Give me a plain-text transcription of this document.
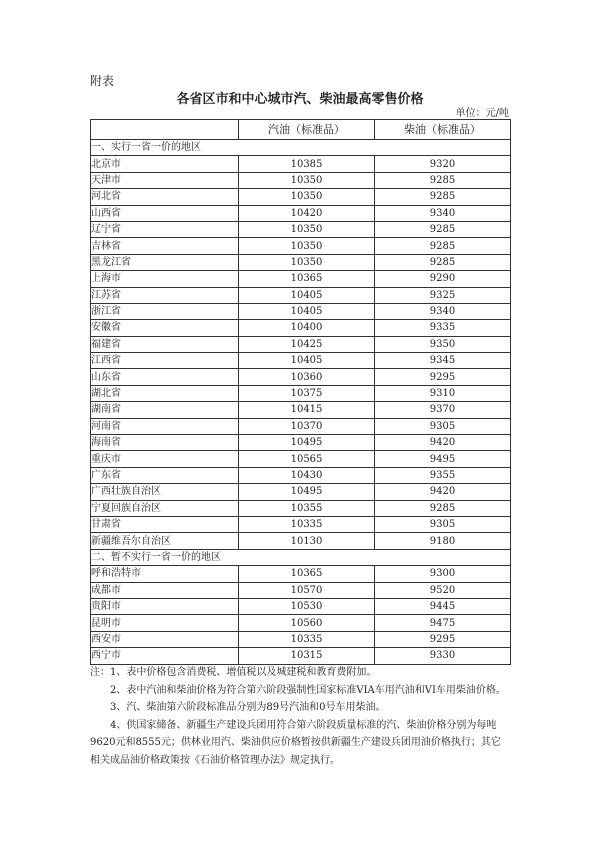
附表
各省区市和中心城市汽、柴油最高零售价格
单位：元/吨
	汽油（标准品）	柴油（标准品）
一、实行一省一价的地区		
北京市	10385	9320
天津市	10350	9285
河北省	10350	9285
山西省	10420	9340
辽宁省	10350	9285
吉林省	10350	9285
黑龙江省	10350	9285
上海市	10365	9290
江苏省	10405	9325
浙江省	10405	9340
安徽省	10400	9335
福建省	10425	9350
江西省	10405	9345
山东省	10360	9295
湖北省	10375	9310
湖南省	10415	9370
河南省	10370	9305
海南省	10495	9420
重庆市	10565	9495
广东省	10430	9355
广西壮族自治区	10495	9420
宁夏回族自治区	10355	9285
甘肃省	10335	9305
新疆维吾尔自治区	10130	9180
二、暂不实行一省一价的地区		
呼和浩特市	10365	9300
成都市	10570	9520
贵阳市	10530	9445
昆明市	10560	9475
西安市	10335	9295
西宁市	10315	9330

注：1、表中价格包含消费税、增值税以及城建税和教育费附加。

2、表中汽油和柴油价格为符合第六阶段强制性国家标准VIA车用汽油和VI车用柴油价格。

3、汽、柴油第六阶段标准品分别为89号汽油和0号车用柴油。

4、供国家储备、新疆生产建设兵团用符合第六阶段质量标准的汽、柴油价格分别为每吨9620元和8555元；供林业用汽、柴油供应价格暂按供新疆生产建设兵团用油价格执行；其它相关成品油价格政策按《石油价格管理办法》规定执行。
